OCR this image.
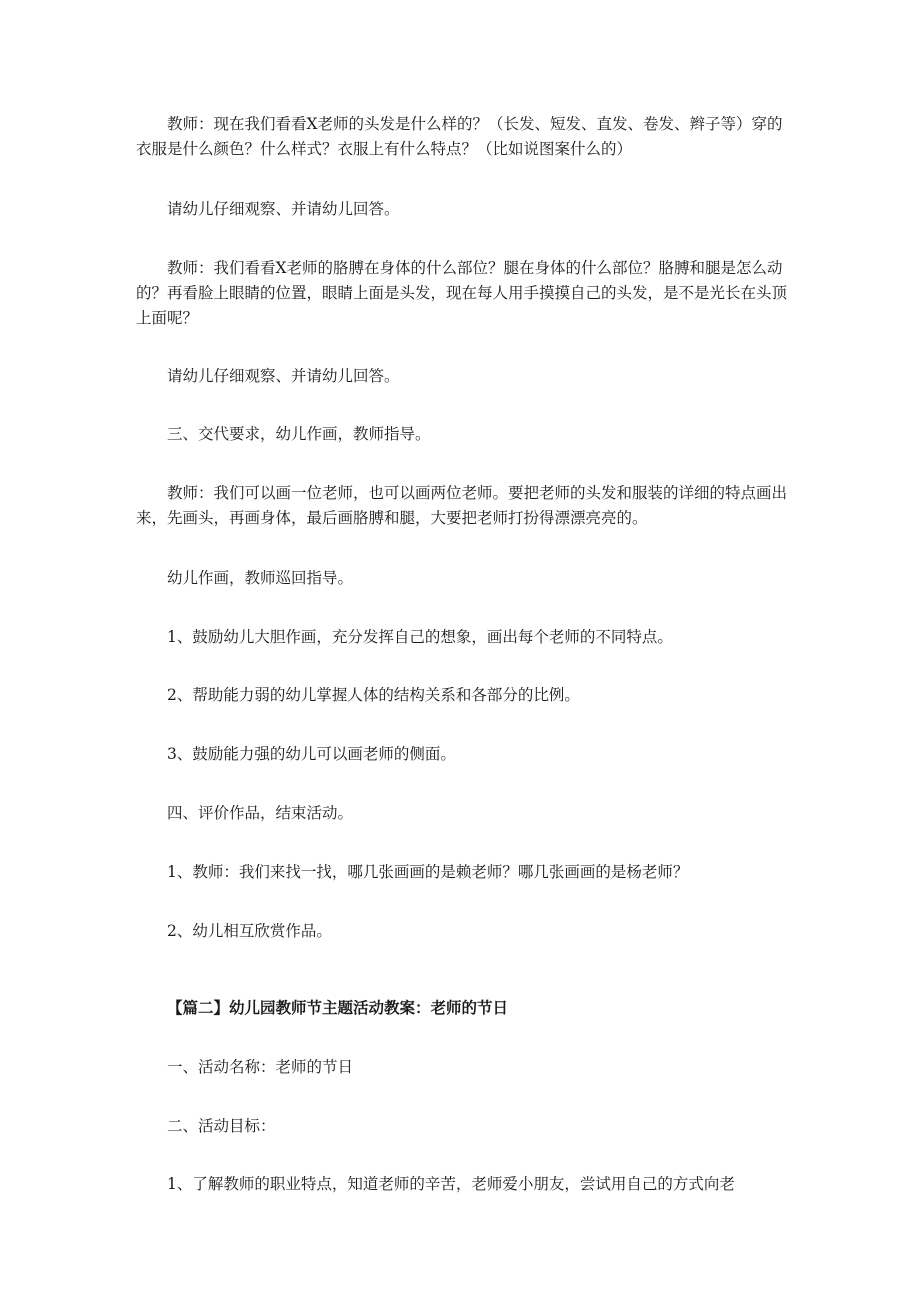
教师：现在我们看看X老师的头发是什么样的？（长发、短发、直发、卷发、辫子等）穿的衣服是什么颜色？什么样式？衣服上有什么特点？（比如说图案什么的）

请幼儿仔细观察、并请幼儿回答。

教师：我们看看X老师的胳膊在身体的什么部位？腿在身体的什么部位？胳膊和腿是怎么动的？再看脸上眼睛的位置，眼睛上面是头发，现在每人用手摸摸自己的头发，是不是光长在头顶上面呢？

请幼儿仔细观察、并请幼儿回答。

三、交代要求，幼儿作画，教师指导。

教师：我们可以画一位老师，也可以画两位老师。要把老师的头发和服装的详细的特点画出来，先画头，再画身体，最后画胳膊和腿，大要把老师打扮得漂漂亮亮的。

幼儿作画，教师巡回指导。

1、鼓励幼儿大胆作画，充分发挥自己的想象，画出每个老师的不同特点。

2、帮助能力弱的幼儿掌握人体的结构关系和各部分的比例。

3、鼓励能力强的幼儿可以画老师的侧面。

四、评价作品，结束活动。

1、教师：我们来找一找，哪几张画画的是赖老师？哪几张画画的是杨老师？

2、幼儿相互欣赏作品。

【篇二】幼儿园教师节主题活动教案：老师的节日

一、活动名称：老师的节日

二、活动目标：

1、了解教师的职业特点，知道老师的辛苦，老师爱小朋友，尝试用自己的方式向老
